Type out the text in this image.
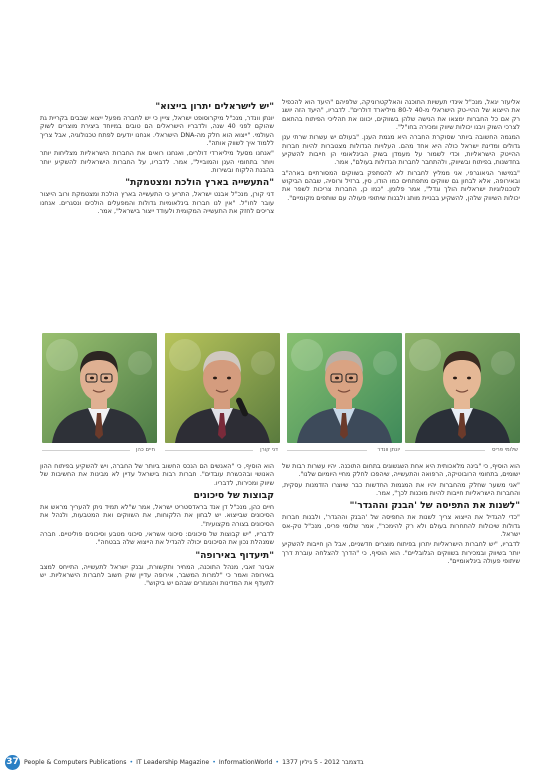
אליעזר יגאל, מנכ"ל אינדי תעשיות התוכנה והאלקטרוניקה, שלפיהם "היעד הוא להכפיל את הייצוא של ההיי-טק הישראלי מ-40 ל-80 מיליארד דולרים". לדבריו, "היעד הזה יושג רק אם כל החברות ימצאו את הנישה שלהן בשווקים, יכוונו את תהליכי הפיתוח בהתאם לצרכי השוק ויבנו יכולות שיווק ומכירה בחו"ל".

המגמה החשובה ביותר שסוקרת החברה היא מגמת הענן. "בעולם יש עשרות שרתי ענן גדולים ומדינת ישראל כולה היא אחד מהם. העלויות הגדולות מצטברות להיות חברות ההייטק הישראליות, וכדי לשמור על מעמדן בשוק הבינלאומי הן חייבות להשקיע בחדשנות, בפיתוח ובשיווק, ולהתחבר לחברות הגדולות בעולם", אמר.

"במישור הגיאוגרפי, אני ממליץ לחברות לא להסתפק בשווקים המסורתיים בארה"ב ובאירופה, אלא לבחון גם שווקים מתפתחים כמו הודו, סין, ברזיל ורוסיה, שבהם הביקוש לטכנולוגיות ישראליות הולך וגדל", אמר פלומן. "כמו כן, החברות צריכות לשפר את יכולות השיווק שלהן, להשקיע בבניית מותג ולבנות שיתופי פעולה עם שותפים מקומיים".

"יש לישראלים יתרון בייצוא"

יונתן וונדר, מנכ"ל מיקרוסופט ישראל, צייין כי יש לחברה מפעל ייצוא שבבים בקריית גת שהוקם לפני 40 שנה, ולדבריו הישראלים הם טובים במיוחד ביצירת מוצרים לשוק העולמי. "ייצוא הוא חלק מה-DNA הישראלי. אנחנו יודעים לפתח טכנולוגיה, אבל צריך ללמוד איך לשווק אותה".

"אנחנו מסעל מיליארדי דולרים, ואנחנו רואים את החברות הישראליות מצליחות יותר ויותר בתחומי הענן והמובייל", אמר. לדבריו, על החברות הישראליות להשקיע יותר בהבנת הלקוח ובשירות.

"התעשייה בארץ הולכת ומצטמקת"

דני קורן, מנכ"ל אבנט ישראל, התריע כי התעשייה בארץ הולכת ומצטמקת ורוב הייצור עובר לחו"ל. "אין לנו חברות בינלאומיות גדולות והמפעלים הולכים ונסגרים. אנחנו צריכים לחזק את התעשייה המקומית ולעודד ייצור בישראל", אמר.

שלומי פריס
יונתן וונדר
דני קורן
חיים כהן

הוא הוסיף, כי "בינה מלאכותית היא אחת השגשוגים בתחום התוכנה. יהיו עשרות רבות של ישומים, בתחומי הרובוטיקה, הרפואה והתעשייה, שיהפכו לחלק מחיי היומיום שלנו".

"אני משער שחלק מהחברות יהיו את המגמות החדשות כבר שיוצרו הזדמנות עסקית, והחברות הישראליות חייבות להיות מוכנות לכך", אמר.

"לשנות את התפיסה של 'הבנק וההגדר'"

"כדי להגדיל את הייצוא צריך לשנות את התפיסה של 'הבנק וההגדר', ולבנות חברות גדולות שיכולות להתחרות בעולם ולא רק להימכר", אמר שלומי פריס, מנכ"ל טק-אס ישראל.

לדבריו, "יש לחברות הישראליות יתרון בפיתוח מוצרים חדשניים, אבל הן חייבות להשקיע יותר בשיווק ובמכירות בשווקים הגלובליים". הוא הוסיף, כי "הדרך להצלחה עוברת דרך שיתופי פעולה בינלאומיים".

הוא הוסיף, כי "האנשים הם הנכס החשוב ביותר של החברה, ויש להשקיע בפיתוח ההון האנושי ובהכשרת עובדים". חברות רבות בישראל עדיין לא מבינות את החשיבות של שיווק ומכירות, לדבריו.

קבוצות של סיכונים

חיים כהן, מנכ"ל דן אנד בראדסטריט ישראל, אמר ש"לא תמיד ניתן להעריך מראש את הסיכונים שבייצוא. יש לבחון את הלקוחות, את השווקים ואת המטבעות, ולנהל את הסיכונים בצורה מקצועית".

לדבריו, "יש קבוצות של סיכונים: סיכוני אשראי, סיכוני מטבע וסיכונים פוליטיים. חברה שמנהלת נכון את הסיכונים יכולה להגדיל את הייצוא שלה בבטחה".

"תיעדוף באירופה"

אבינר זאבי, מנהל התוכנה, המחיר ותקשורת, ובנק ישראל לתעשייה, התייחס למצב באירופה ואמר כי "למרות המשבר, אירופה עדיין שוק חשוב לחברות הישראליות. יש לתעדף את המדינות והמגזרים שבהם יש ביקוש".

37 People & Computers Publications • IT Leadership Magazine • InformationWorld • בדצמבר 2012 - 5 גיליון 1377
